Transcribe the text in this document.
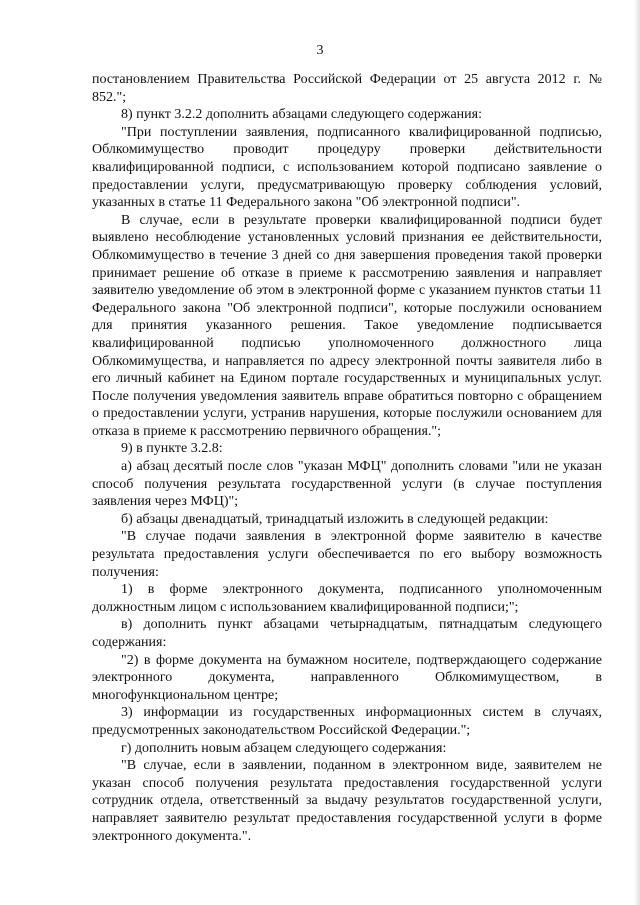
3

постановлением Правительства Российской Федерации от 25 августа 2012 г. № 852.";

8) пункт 3.2.2 дополнить абзацами следующего содержания:

"При поступлении заявления, подписанного квалифицированной подписью, Облкомимущество проводит процедуру проверки действительности квалифицированной подписи, с использованием которой подписано заявление о предоставлении услуги, предусматривающую проверку соблюдения условий, указанных в статье 11 Федерального закона "Об электронной подписи".

В случае, если в результате проверки квалифицированной подписи будет выявлено несоблюдение установленных условий признания ее действительности, Облкомимущество в течение 3 дней со дня завершения проведения такой проверки принимает решение об отказе в приеме к рассмотрению заявления и направляет заявителю уведомление об этом в электронной форме с указанием пунктов статьи 11 Федерального закона "Об электронной подписи", которые послужили основанием для принятия указанного решения. Такое уведомление подписывается квалифицированной подписью уполномоченного должностного лица Облкомимущества, и направляется по адресу электронной почты заявителя либо в его личный кабинет на Едином портале государственных и муниципальных услуг. После получения уведомления заявитель вправе обратиться повторно с обращением о предоставлении услуги, устранив нарушения, которые послужили основанием для отказа в приеме к рассмотрению первичного обращения.";

9) в пункте 3.2.8:

а) абзац десятый после слов "указан МФЦ" дополнить словами "или не указан способ получения результата государственной услуги (в случае поступления заявления через МФЦ)";

б) абзацы двенадцатый, тринадцатый изложить в следующей редакции:

"В случае подачи заявления в электронной форме заявителю в качестве результата предоставления услуги обеспечивается по его выбору возможность получения:

1) в форме электронного документа, подписанного уполномоченным должностным лицом с использованием квалифицированной подписи;";

в) дополнить пункт абзацами четырнадцатым, пятнадцатым следующего содержания:

"2) в форме документа на бумажном носителе, подтверждающего содержание электронного документа, направленного Облкомимуществом, в многофункциональном центре;

3) информации из государственных информационных систем в случаях, предусмотренных законодательством Российской Федерации.";

г) дополнить новым абзацем следующего содержания:

"В случае, если в заявлении, поданном в электронном виде, заявителем не указан способ получения результата предоставления государственной услуги сотрудник отдела, ответственный за выдачу результатов государственной услуги, направляет заявителю результат предоставления государственной услуги в форме электронного документа.".
